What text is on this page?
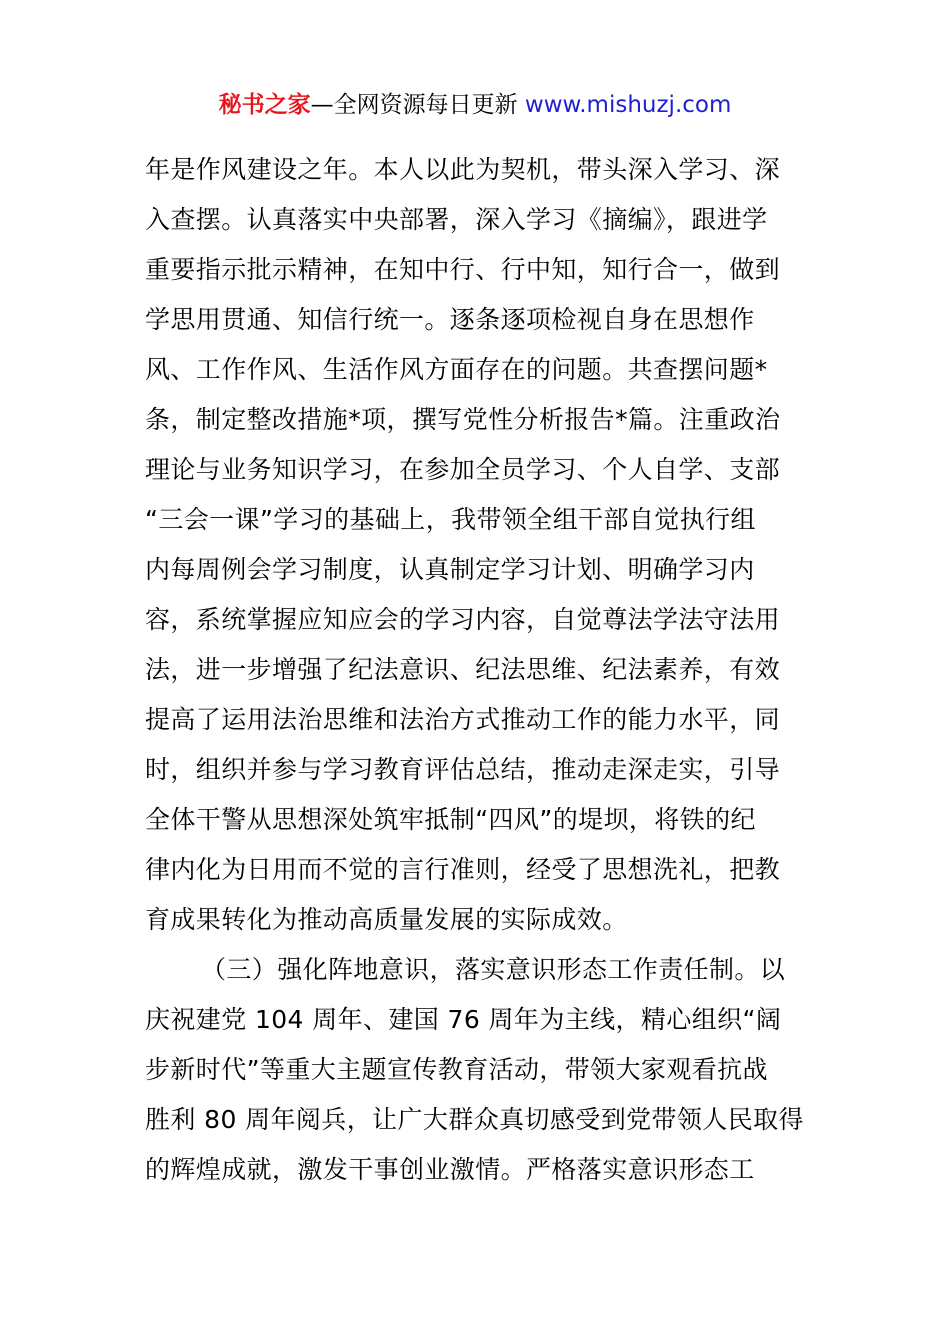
秘书之家—全网资源每日更新 www.mishuzj.com
年是作风建设之年。本人以此为契机，带头深入学习、深
入查摆。认真落实中央部署，深入学习《摘编》，跟进学
重要指示批示精神，在知中行、行中知，知行合一，做到
学思用贯通、知信行统一。逐条逐项检视自身在思想作
风、工作作风、生活作风方面存在的问题。共查摆问题*
条，制定整改措施*项，撰写党性分析报告*篇。注重政治
理论与业务知识学习，在参加全员学习、个人自学、支部
“三会一课”学习的基础上，我带领全组干部自觉执行组
内每周例会学习制度，认真制定学习计划、明确学习内
容，系统掌握应知应会的学习内容，自觉尊法学法守法用
法，进一步增强了纪法意识、纪法思维、纪法素养，有效
提高了运用法治思维和法治方式推动工作的能力水平，同
时，组织并参与学习教育评估总结，推动走深走实，引导
全体干警从思想深处筑牢抵制“四风”的堤坝，将铁的纪
律内化为日用而不觉的言行准则，经受了思想洗礼，把教
育成果转化为推动高质量发展的实际成效。
（三）强化阵地意识，落实意识形态工作责任制。以
庆祝建党 104 周年、建国 76 周年为主线，精心组织“阔
步新时代”等重大主题宣传教育活动，带领大家观看抗战
胜利 80 周年阅兵，让广大群众真切感受到党带领人民取得
的辉煌成就，激发干事创业激情。严格落实意识形态工
